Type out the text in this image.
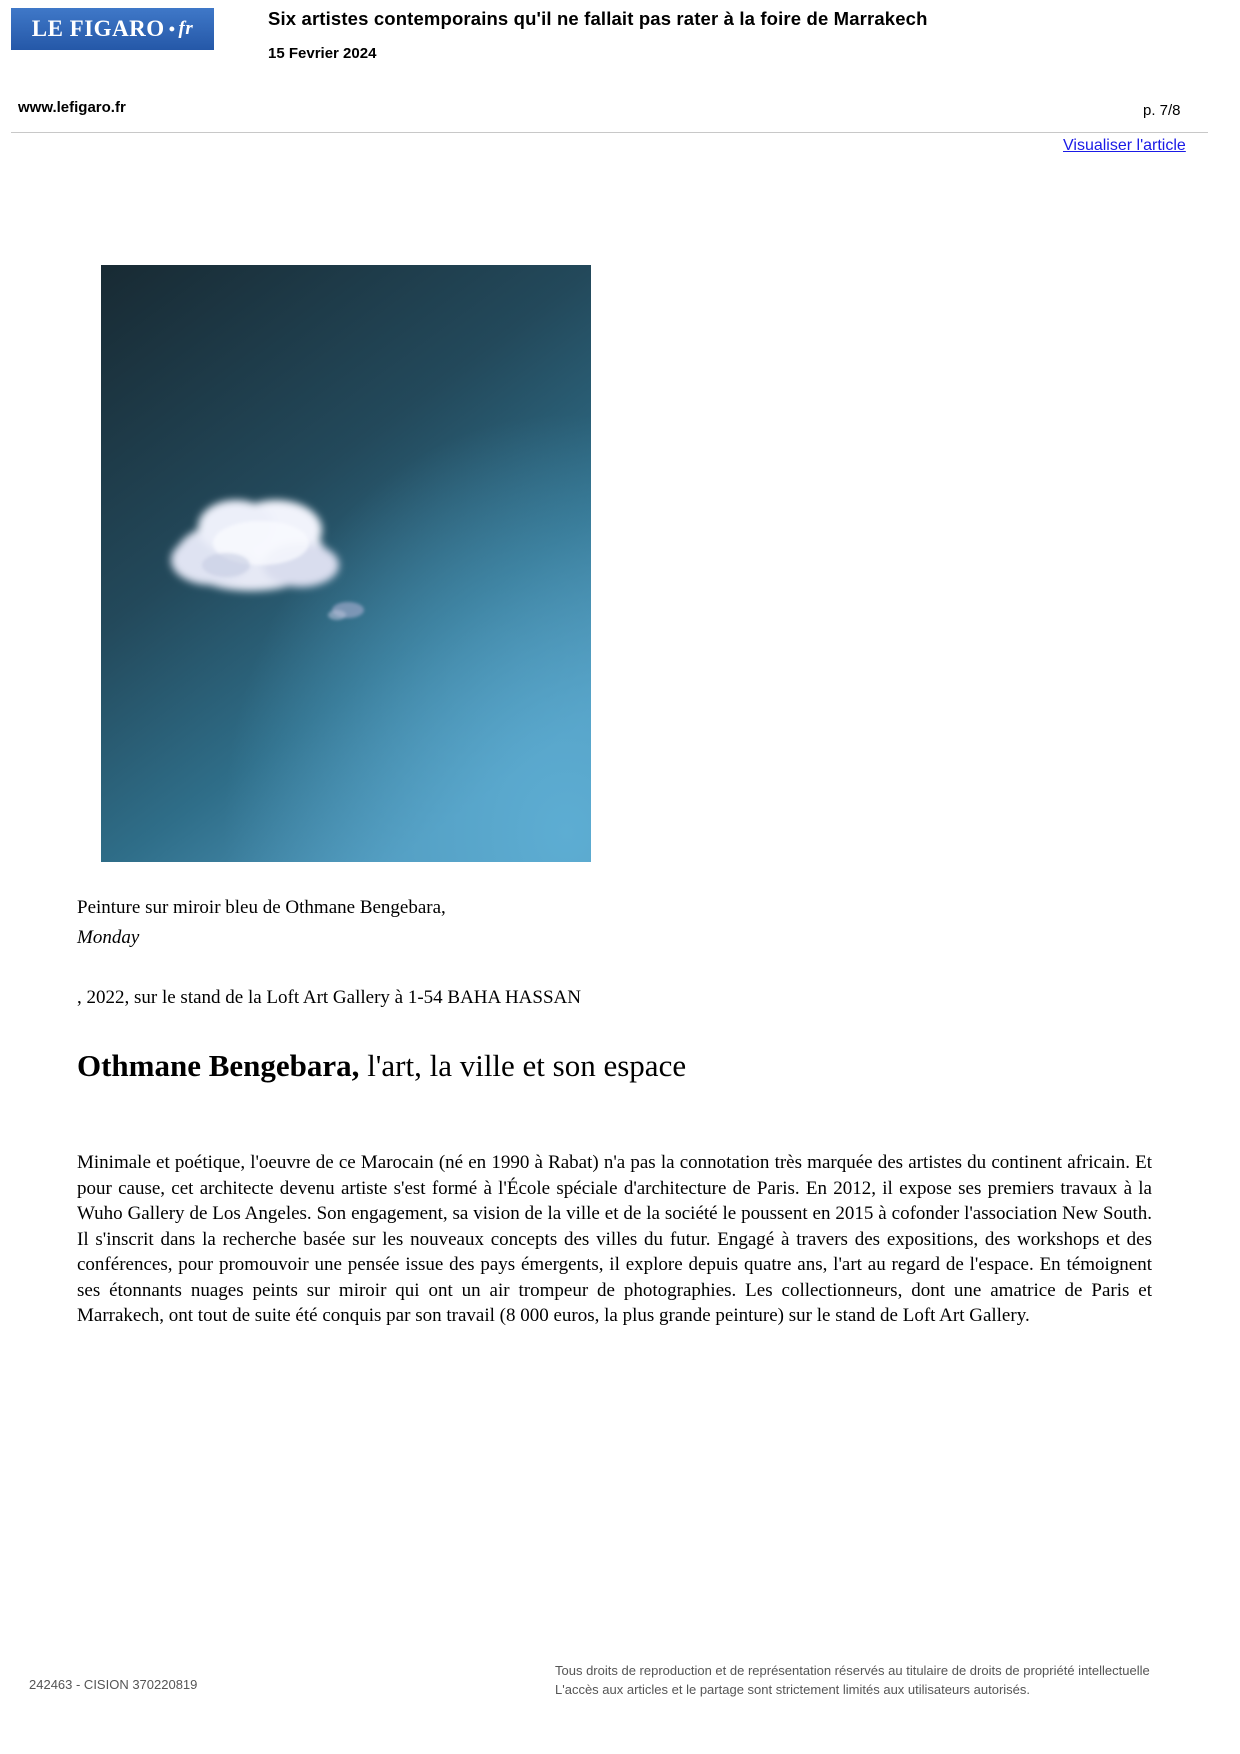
LE FIGARO • fr	Six artistes contemporains qu'il ne fallait pas rater à la foire de Marrakech
15 Fevrier 2024
www.lefigaro.fr	p. 7/8
Visualiser l'article
Peinture sur miroir bleu de Othmane Bengebara,
Monday
, 2022, sur le stand de la Loft Art Gallery à 1-54 BAHA HASSAN
Othmane Bengebara, l'art, la ville et son espace
Minimale et poétique, l'oeuvre de ce Marocain (né en 1990 à Rabat) n'a pas la connotation très marquée des artistes du continent africain. Et pour cause, cet architecte devenu artiste s'est formé à l'École spéciale d'architecture de Paris. En 2012, il expose ses premiers travaux à la Wuho Gallery de Los Angeles. Son engagement, sa vision de la ville et de la société le poussent en 2015 à cofonder l'association New South. Il s'inscrit dans la recherche basée sur les nouveaux concepts des villes du futur. Engagé à travers des expositions, des workshops et des conférences, pour promouvoir une pensée issue des pays émergents, il explore depuis quatre ans, l'art au regard de l'espace. En témoignent ses étonnants nuages peints sur miroir qui ont un air trompeur de photographies. Les collectionneurs, dont une amatrice de Paris et Marrakech, ont tout de suite été conquis par son travail (8 000 euros, la plus grande peinture) sur le stand de Loft Art Gallery.
242463 - CISION 370220819
Tous droits de reproduction et de représentation réservés au titulaire de droits de propriété intellectuelle
L'accès aux articles et le partage sont strictement limités aux utilisateurs autorisés.
